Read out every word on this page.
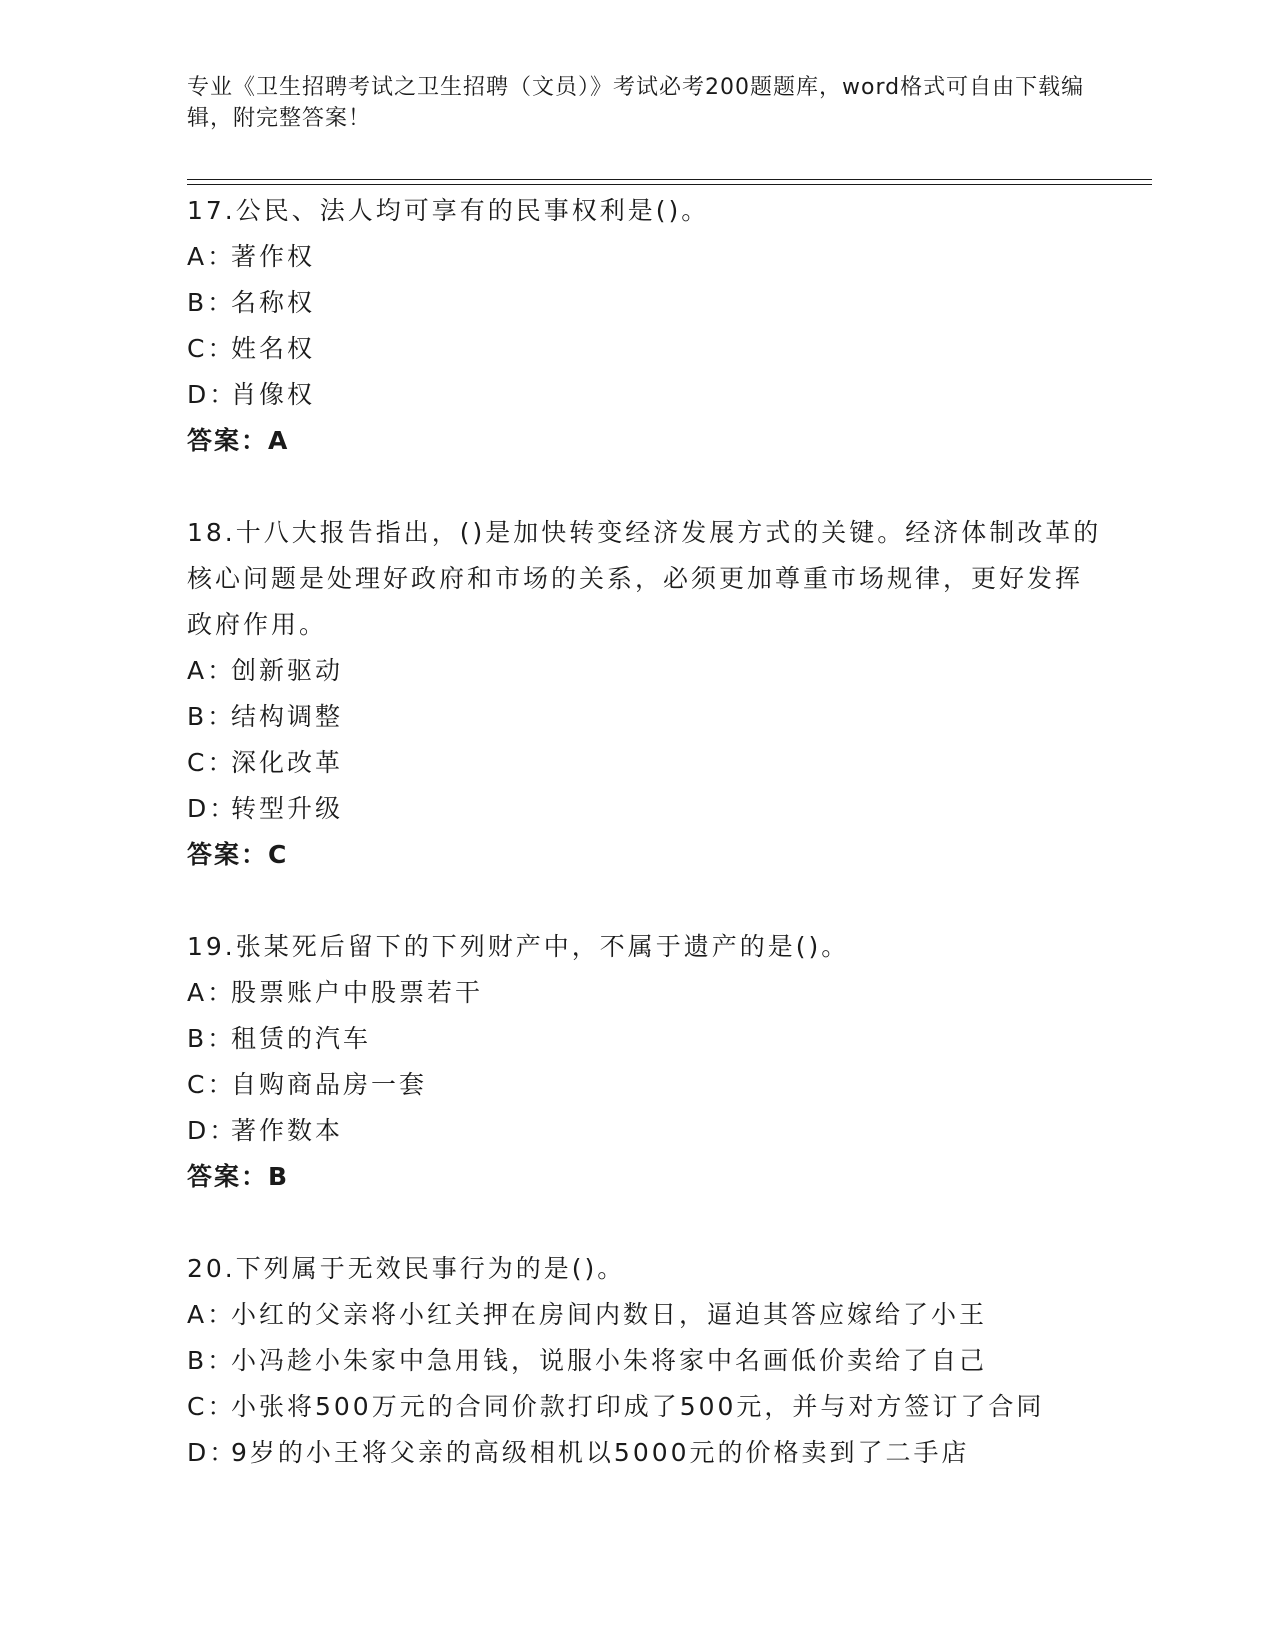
专业《卫生招聘考试之卫生招聘（文员）》考试必考200题题库，word格式可自由下载编辑，附完整答案！
17.公民、法人均可享有的民事权利是()。
A：著作权
B：名称权
C：姓名权
D：肖像权
答案：A
18.十八大报告指出，()是加快转变经济发展方式的关键。经济体制改革的核心问题是处理好政府和市场的关系，必须更加尊重市场规律，更好发挥政府作用。
A：创新驱动
B：结构调整
C：深化改革
D：转型升级
答案：C
19.张某死后留下的下列财产中，不属于遗产的是()。
A：股票账户中股票若干
B：租赁的汽车
C：自购商品房一套
D：著作数本
答案：B
20.下列属于无效民事行为的是()。
A：小红的父亲将小红关押在房间内数日，逼迫其答应嫁给了小王
B：小冯趁小朱家中急用钱，说服小朱将家中名画低价卖给了自己
C：小张将500万元的合同价款打印成了500元，并与对方签订了合同
D：9岁的小王将父亲的高级相机以5000元的价格卖到了二手店
